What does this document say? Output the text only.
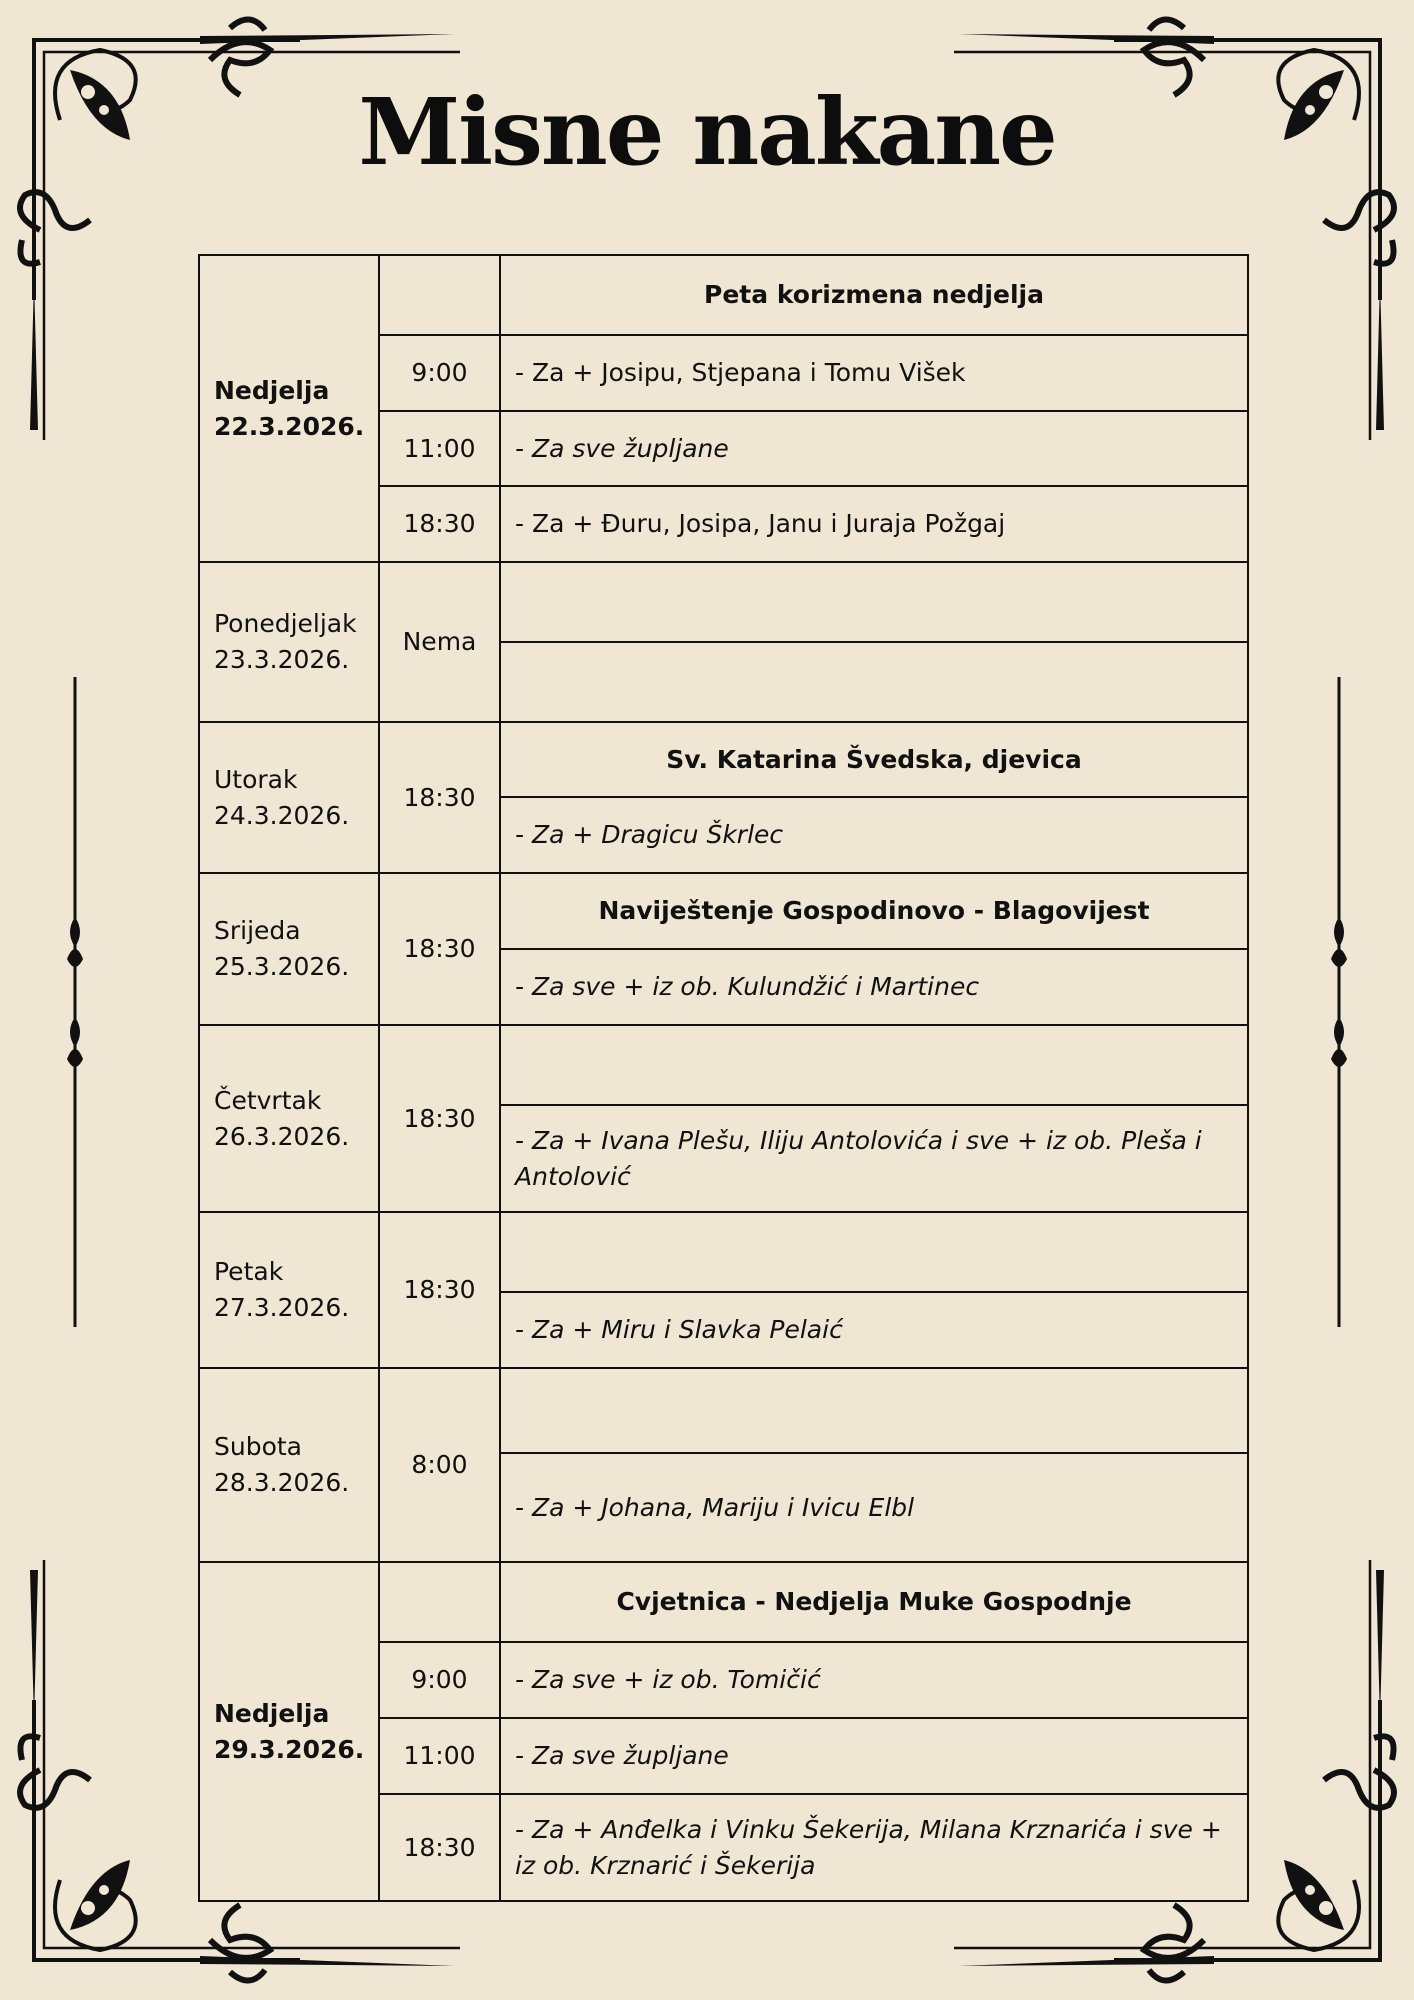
Misne nakane
Nedjelja
22.3.2026.		Peta korizmena nedjelja
	9:00	- Za + Josipu, Stjepana i Tomu Višek
	11:00	- Za sve župljane
	18:30	- Za + Đuru, Josipa, Janu i Juraja Požgaj

Ponedjeljak
23.3.2026.	Nema	

Utorak
24.3.2026.	18:30	Sv. Katarina Švedska, djevica
		- Za + Dragicu Škrlec

Srijeda
25.3.2026.	18:30	Naviještenje Gospodinovo - Blagovijest
		- Za sve + iz ob. Kulundžić i Martinec

Četvrtak
26.3.2026.	18:30	
		- Za + Ivana Plešu, Iliju Antolovića i sve + iz ob. Pleša i Antolović

Petak
27.3.2026.	18:30	
		- Za + Miru i Slavka Pelaić

Subota
28.3.2026.	8:00	
		- Za + Johana, Mariju i Ivicu Elbl

Nedjelja
29.3.2026.		Cvjetnica - Nedjelja Muke Gospodnje
	9:00	- Za sve + iz ob. Tomičić
	11:00	- Za sve župljane
	18:30	- Za + Anđelka i Vinku Šekerija, Milana Krznarića i sve + iz ob. Krznarić i Šekerija
